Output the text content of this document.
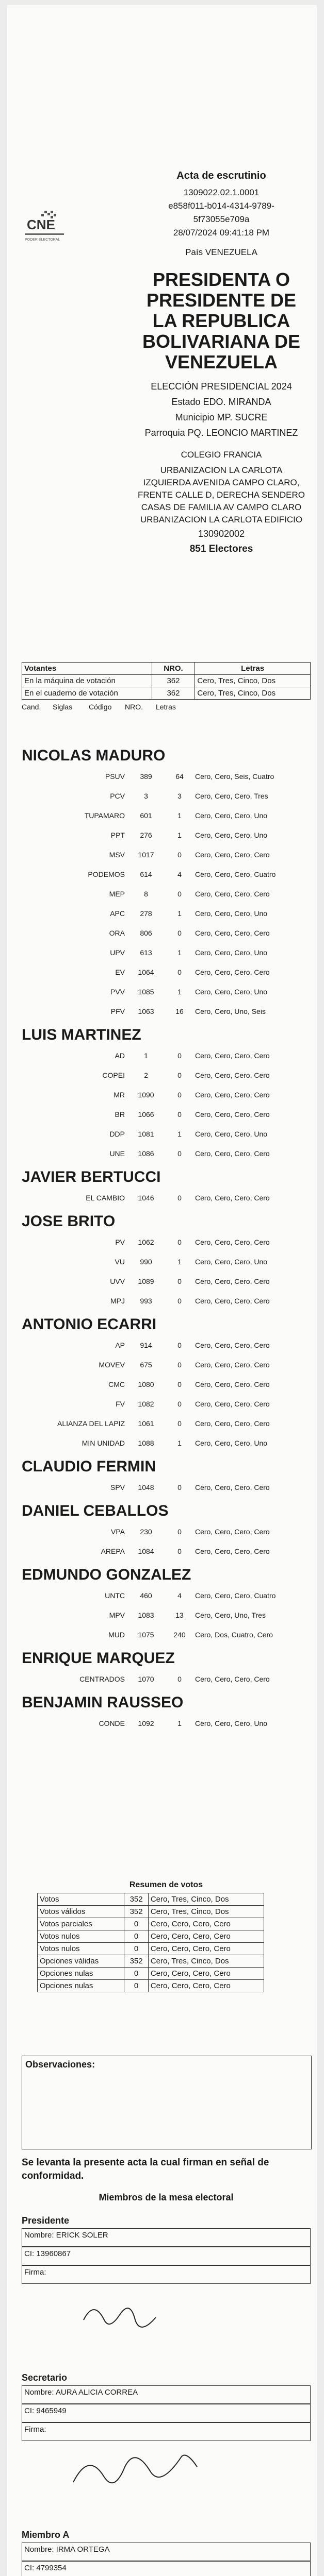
CNE
PODER ELECTORAL
Acta de escrutinio
1309022.02.1.0001
e858f011-b014-4314-9789-
5f73055e709a
28/07/2024 09:41:18 PM
País VENEZUELA
PRESIDENTA O PRESIDENTE DE LA REPUBLICA BOLIVARIANA DE VENEZUELA
ELECCIÓN PRESIDENCIAL 2024
Estado EDO. MIRANDA
Municipio MP. SUCRE
Parroquia PQ. LEONCIO MARTINEZ
COLEGIO FRANCIA
URBANIZACION LA CARLOTA IZQUIERDA AVENIDA CAMPO CLARO, FRENTE CALLE D, DERECHA SENDERO CASAS DE FAMILIA AV CAMPO CLARO URBANIZACION LA CARLOTA EDIFICIO
130902002
851 Electores
Votantes	NRO.	Letras
En la máquina de votación	362	Cero, Tres, Cinco, Dos
En el cuaderno de votación	362	Cero, Tres, Cinco, Dos
Cand.	Siglas	Código	NRO.	Letras
NICOLAS MADURO
PSUV	389	64	Cero, Cero, Seis, Cuatro
PCV	3	3	Cero, Cero, Cero, Tres
TUPAMARO	601	1	Cero, Cero, Cero, Uno
PPT	276	1	Cero, Cero, Cero, Uno
MSV	1017	0	Cero, Cero, Cero, Cero
PODEMOS	614	4	Cero, Cero, Cero, Cuatro
MEP	8	0	Cero, Cero, Cero, Cero
APC	278	1	Cero, Cero, Cero, Uno
ORA	806	0	Cero, Cero, Cero, Cero
UPV	613	1	Cero, Cero, Cero, Uno
EV	1064	0	Cero, Cero, Cero, Cero
PVV	1085	1	Cero, Cero, Cero, Uno
PFV	1063	16	Cero, Cero, Uno, Seis
LUIS MARTINEZ
AD	1	0	Cero, Cero, Cero, Cero
COPEI	2	0	Cero, Cero, Cero, Cero
MR	1090	0	Cero, Cero, Cero, Cero
BR	1066	0	Cero, Cero, Cero, Cero
DDP	1081	1	Cero, Cero, Cero, Uno
UNE	1086	0	Cero, Cero, Cero, Cero
JAVIER BERTUCCI
EL CAMBIO	1046	0	Cero, Cero, Cero, Cero
JOSE BRITO
PV	1062	0	Cero, Cero, Cero, Cero
VU	990	1	Cero, Cero, Cero, Uno
UVV	1089	0	Cero, Cero, Cero, Cero
MPJ	993	0	Cero, Cero, Cero, Cero
ANTONIO ECARRI
AP	914	0	Cero, Cero, Cero, Cero
MOVEV	675	0	Cero, Cero, Cero, Cero
CMC	1080	0	Cero, Cero, Cero, Cero
FV	1082	0	Cero, Cero, Cero, Cero
ALIANZA DEL LAPIZ	1061	0	Cero, Cero, Cero, Cero
MIN UNIDAD	1088	1	Cero, Cero, Cero, Uno
CLAUDIO FERMIN
SPV	1048	0	Cero, Cero, Cero, Cero
DANIEL CEBALLOS
VPA	230	0	Cero, Cero, Cero, Cero
AREPA	1084	0	Cero, Cero, Cero, Cero
EDMUNDO GONZALEZ
UNTC	460	4	Cero, Cero, Cero, Cuatro
MPV	1083	13	Cero, Cero, Uno, Tres
MUD	1075	240	Cero, Dos, Cuatro, Cero
ENRIQUE MARQUEZ
CENTRADOS	1070	0	Cero, Cero, Cero, Cero
BENJAMIN RAUSSEO
CONDE	1092	1	Cero, Cero, Cero, Uno
Resumen de votos
Votos	352	Cero, Tres, Cinco, Dos
Votos válidos	352	Cero, Tres, Cinco, Dos
Votos parciales	0	Cero, Cero, Cero, Cero
Votos nulos	0	Cero, Cero, Cero, Cero
Votos nulos	0	Cero, Cero, Cero, Cero
Opciones válidas	352	Cero, Tres, Cinco, Dos
Opciones nulas	0	Cero, Cero, Cero, Cero
Opciones nulas	0	Cero, Cero, Cero, Cero
Observaciones:
Se levanta la presente acta la cual firman en señal de conformidad.
Miembros de la mesa electoral
Presidente
Nombre: ERICK SOLER
CI: 13960867
Firma:
Secretario
Nombre: AURA ALICIA CORREA
CI: 9465949
Firma:
Miembro A
Nombre: IRMA ORTEGA
CI: 4799354
